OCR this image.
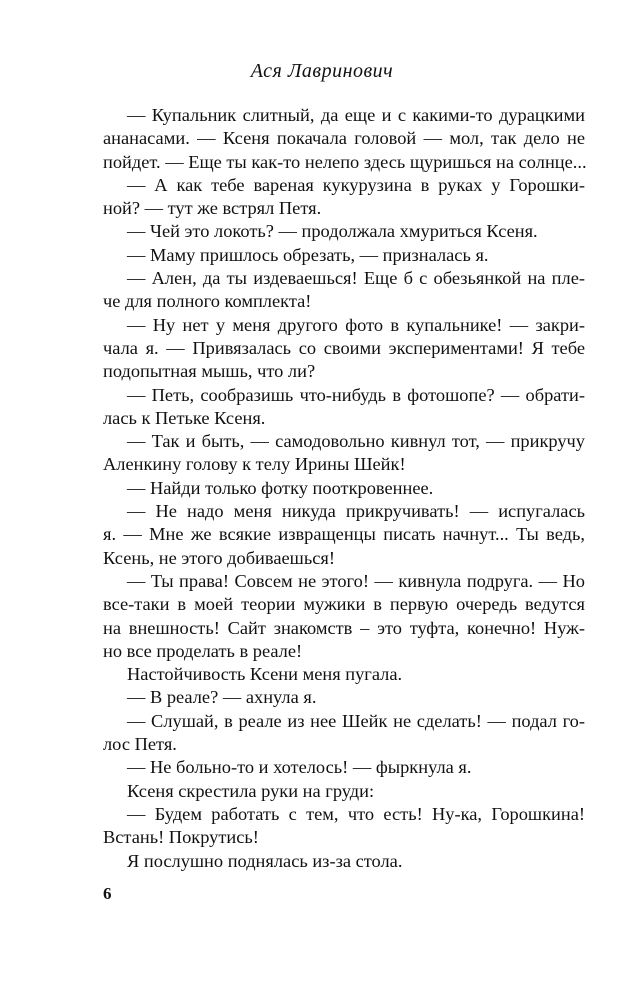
Ася Лавринович
— Купальник слитный, да еще и с какими-то дурацкими
ананасами. — Ксеня покачала головой — мол, так дело не
пойдет. — Еще ты как-то нелепо здесь щуришься на солнце...
— А как тебе вареная кукурузина в руках у Горошки-
ной? — тут же встрял Петя.
— Чей это локоть? — продолжала хмуриться Ксеня.
— Маму пришлось обрезать, — призналась я.
— Ален, да ты издеваешься! Еще б с обезьянкой на пле-
че для полного комплекта!
— Ну нет у меня другого фото в купальнике! — закри-
чала я. — Привязалась со своими экспериментами! Я тебе
подопытная мышь, что ли?
— Петь, сообразишь что-нибудь в фотошопе? — обрати-
лась к Петьке Ксеня.
— Так и быть, — самодовольно кивнул тот, — прикручу
Аленкину голову к телу Ирины Шейк!
— Найди только фотку пооткровеннее.
— Не надо меня никуда прикручивать! — испугалась
я. — Мне же всякие извращенцы писать начнут... Ты ведь,
Ксень, не этого добиваешься!
— Ты права! Совсем не этого! — кивнула подруга. — Но
все-таки в моей теории мужики в первую очередь ведутся
на внешность! Сайт знакомств – это туфта, конечно! Нуж-
но все проделать в реале!
Настойчивость Ксени меня пугала.
— В реале? — ахнула я.
— Слушай, в реале из нее Шейк не сделать! — подал го-
лос Петя.
— Не больно-то и хотелось! — фыркнула я.
Ксеня скрестила руки на груди:
— Будем работать с тем, что есть! Ну-ка, Горошкина!
Встань! Покрутись!
Я послушно поднялась из-за стола.
6
